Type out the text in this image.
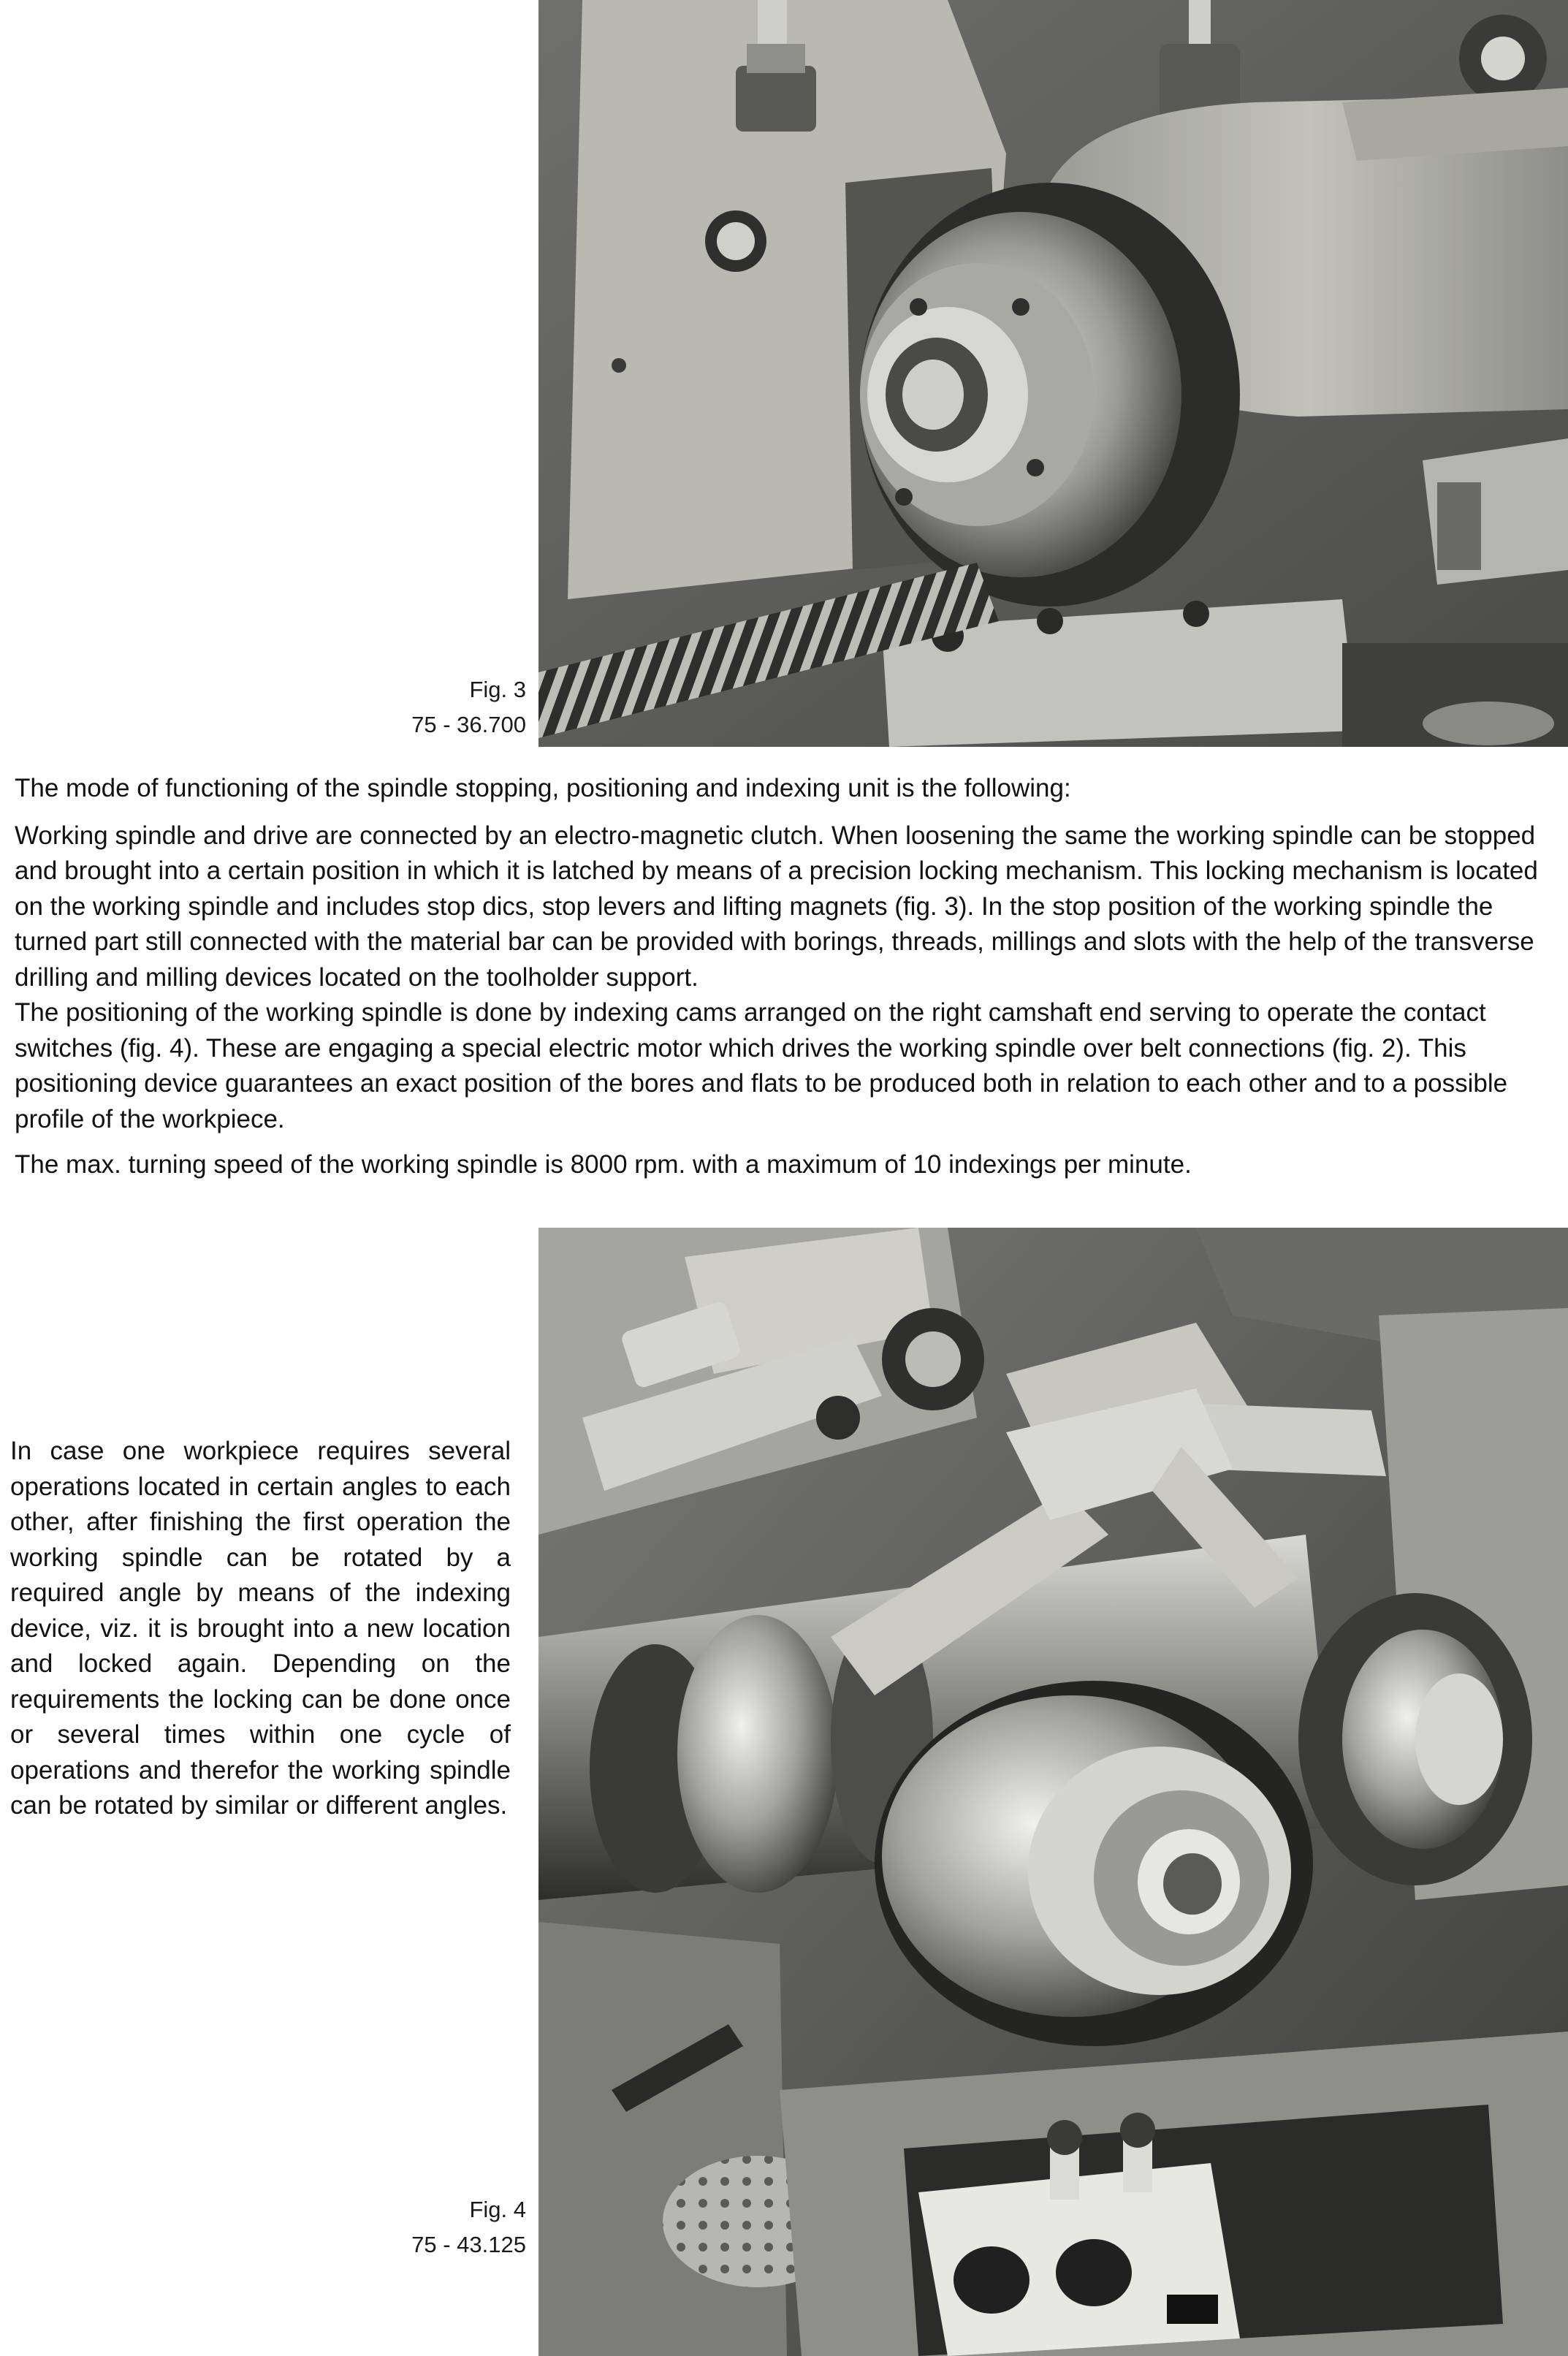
Fig. 3
75 - 36.700

The mode of functioning of the spindle stopping, positioning and indexing unit is the following:

Working spindle and drive are connected by an electro-magnetic clutch. When loosening the same the working spindle can be stopped and brought into a certain position in which it is latched by means of a precision locking mechanism. This locking mechanism is located on the working spindle and includes stop dics, stop levers and lifting magnets (fig. 3). In the stop position of the working spindle the turned part still connected with the material bar can be provided with borings, threads, millings and slots with the help of the transverse drilling and milling devices located on the toolholder support.

The positioning of the working spindle is done by indexing cams arranged on the right camshaft end serving to operate the contact switches (fig. 4). These are engaging a special electric motor which drives the working spindle over belt connections (fig. 2). This positioning device guarantees an exact position of the bores and flats to be produced both in relation to each other and to a possible profile of the workpiece.

The max. turning speed of the working spindle is 8000 rpm. with a maximum of 10 indexings per minute.

In case one workpiece requires several operations located in certain angles to each other, after finishing the first operation the working spindle can be rotated by a required angle by means of the indexing device, viz. it is brought into a new location and locked again. Depending on the requirements the locking can be done once or several times within one cycle of operations and therefor the working spindle can be rotated by similar or different angles.

Fig. 4
75 - 43.125
